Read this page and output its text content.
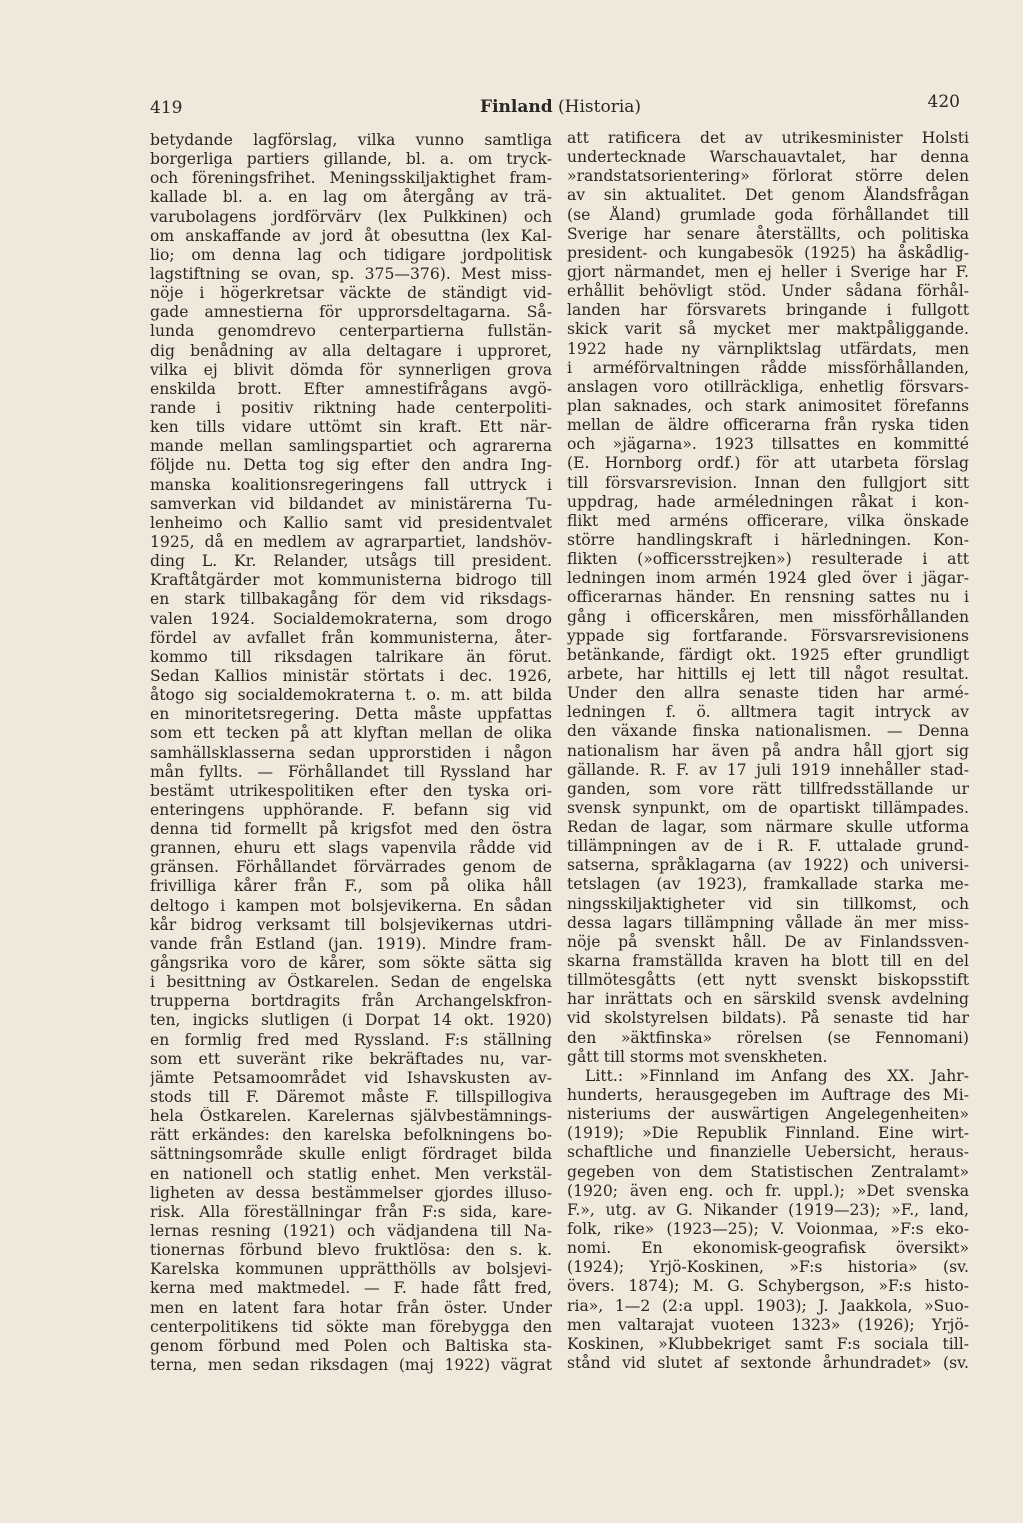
419	Finland (Historia)	420
betydande lagförslag, vilka vunno samtliga
borgerliga partiers gillande, bl. a. om tryck-
och föreningsfrihet. Meningsskiljaktighet fram-
kallade bl. a. en lag om återgång av trä-
varubolagens jordförvärv (lex Pulkkinen) och
om anskaffande av jord åt obesuttna (lex Kal-
lio; om denna lag och tidigare jordpolitisk
lagstiftning se ovan, sp. 375—376). Mest miss-
nöje i högerkretsar väckte de ständigt vid-
gade amnestierna för upprorsdeltagarna. Så-
lunda genomdrevo centerpartierna fullstän-
dig benådning av alla deltagare i upproret,
vilka ej blivit dömda för synnerligen grova
enskilda brott. Efter amnestifrågans avgö-
rande i positiv riktning hade centerpoliti-
ken tills vidare uttömt sin kraft. Ett när-
mande mellan samlingspartiet och agrarerna
följde nu. Detta tog sig efter den andra Ing-
manska koalitionsregeringens fall uttryck i
samverkan vid bildandet av ministärerna Tu-
lenheimo och Kallio samt vid presidentvalet
1925, då en medlem av agrarpartiet, landshöv-
ding L. Kr. Relander, utsågs till president.
Kraftåtgärder mot kommunisterna bidrogo till
en stark tillbakagång för dem vid riksdags-
valen 1924. Socialdemokraterna, som drogo
fördel av avfallet från kommunisterna, åter-
kommo till riksdagen talrikare än förut.
Sedan Kallios ministär störtats i dec. 1926,
åtogo sig socialdemokraterna t. o. m. att bilda
en minoritetsregering. Detta måste uppfattas
som ett tecken på att klyftan mellan de olika
samhällsklasserna sedan upprorstiden i någon
mån fyllts. — Förhållandet till Ryssland har
bestämt utrikespolitiken efter den tyska ori-
enteringens upphörande. F. befann sig vid
denna tid formellt på krigsfot med den östra
grannen, ehuru ett slags vapenvila rådde vid
gränsen. Förhållandet förvärrades genom de
frivilliga kårer från F., som på olika håll
deltogo i kampen mot bolsjevikerna. En sådan
kår bidrog verksamt till bolsjevikernas utdri-
vande från Estland (jan. 1919). Mindre fram-
gångsrika voro de kårer, som sökte sätta sig
i besittning av Östkarelen. Sedan de engelska
trupperna bortdragits från Archangelskfron-
ten, ingicks slutligen (i Dorpat 14 okt. 1920)
en formlig fred med Ryssland. F:s ställning
som ett suveränt rike bekräftades nu, var-
jämte Petsamoområdet vid Ishavskusten av-
stods till F. Däremot måste F. tillspillogiva
hela Östkarelen. Karelernas självbestämnings-
rätt erkändes: den karelska befolkningens bo-
sättningsområde skulle enligt fördraget bilda
en nationell och statlig enhet. Men verkstäl-
ligheten av dessa bestämmelser gjordes illuso-
risk. Alla föreställningar från F:s sida, kare-
lernas resning (1921) och vädjandena till Na-
tionernas förbund blevo fruktlösa: den s. k.
Karelska kommunen upprätthölls av bolsjevi-
kerna med maktmedel. — F. hade fått fred,
men en latent fara hotar från öster. Under
centerpolitikens tid sökte man förebygga den
genom förbund med Polen och Baltiska sta-
terna, men sedan riksdagen (maj 1922) vägrat
att ratificera det av utrikesminister Holsti
undertecknade Warschauavtalet, har denna
»randstatsorientering» förlorat större delen
av sin aktualitet. Det genom Ålandsfrågan
(se Åland) grumlade goda förhållandet till
Sverige har senare återställts, och politiska
president- och kungabesök (1925) ha åskådlig-
gjort närmandet, men ej heller i Sverige har F.
erhållit behövligt stöd. Under sådana förhål-
landen har försvarets bringande i fullgott
skick varit så mycket mer maktpåliggande.
1922 hade ny värnpliktslag utfärdats, men
i arméförvaltningen rådde missförhållanden,
anslagen voro otillräckliga, enhetlig försvars-
plan saknades, och stark animositet förefanns
mellan de äldre officerarna från ryska tiden
och »jägarna». 1923 tillsattes en kommitté
(E. Hornborg ordf.) för att utarbeta förslag
till försvarsrevision. Innan den fullgjort sitt
uppdrag, hade arméledningen råkat i kon-
flikt med arméns officerare, vilka önskade
större handlingskraft i härledningen. Kon-
flikten (»officersstrejken») resulterade i att
ledningen inom armén 1924 gled över i jägar-
officerarnas händer. En rensning sattes nu i
gång i officerskåren, men missförhållanden
yppade sig fortfarande. Försvarsrevisionens
betänkande, färdigt okt. 1925 efter grundligt
arbete, har hittills ej lett till något resultat.
Under den allra senaste tiden har armé-
ledningen f. ö. alltmera tagit intryck av
den växande finska nationalismen. — Denna
nationalism har även på andra håll gjort sig
gällande. R. F. av 17 juli 1919 innehåller stad-
ganden, som vore rätt tillfredsställande ur
svensk synpunkt, om de opartiskt tillämpades.
Redan de lagar, som närmare skulle utforma
tillämpningen av de i R. F. uttalade grund-
satserna, språklagarna (av 1922) och universi-
tetslagen (av 1923), framkallade starka me-
ningsskiljaktigheter vid sin tillkomst, och
dessa lagars tillämpning vållade än mer miss-
nöje på svenskt håll. De av Finlandssven-
skarna framställda kraven ha blott till en del
tillmötesgåtts (ett nytt svenskt biskopsstift
har inrättats och en särskild svensk avdelning
vid skolstyrelsen bildats). På senaste tid har
den »äktfinska» rörelsen (se Fennomani)
gått till storms mot svenskheten.
Litt.: »Finnland im Anfang des XX. Jahr-
hunderts, herausgegeben im Auftrage des Mi-
nisteriums der auswärtigen Angelegenheiten»
(1919); »Die Republik Finnland. Eine wirt-
schaftliche und finanzielle Uebersicht, heraus-
gegeben von dem Statistischen Zentralamt»
(1920; även eng. och fr. uppl.); »Det svenska
F.», utg. av G. Nikander (1919—23); »F., land,
folk, rike» (1923—25); V. Voionmaa, »F:s eko-
nomi. En ekonomisk-geografisk översikt»
(1924); Yrjö-Koskinen, »F:s historia» (sv.
övers. 1874); M. G. Schybergson, »F:s histo-
ria», 1—2 (2:a uppl. 1903); J. Jaakkola, »Suo-
men valtarajat vuoteen 1323» (1926); Yrjö-
Koskinen, »Klubbekriget samt F:s sociala till-
stånd vid slutet af sextonde århundradet» (sv.
